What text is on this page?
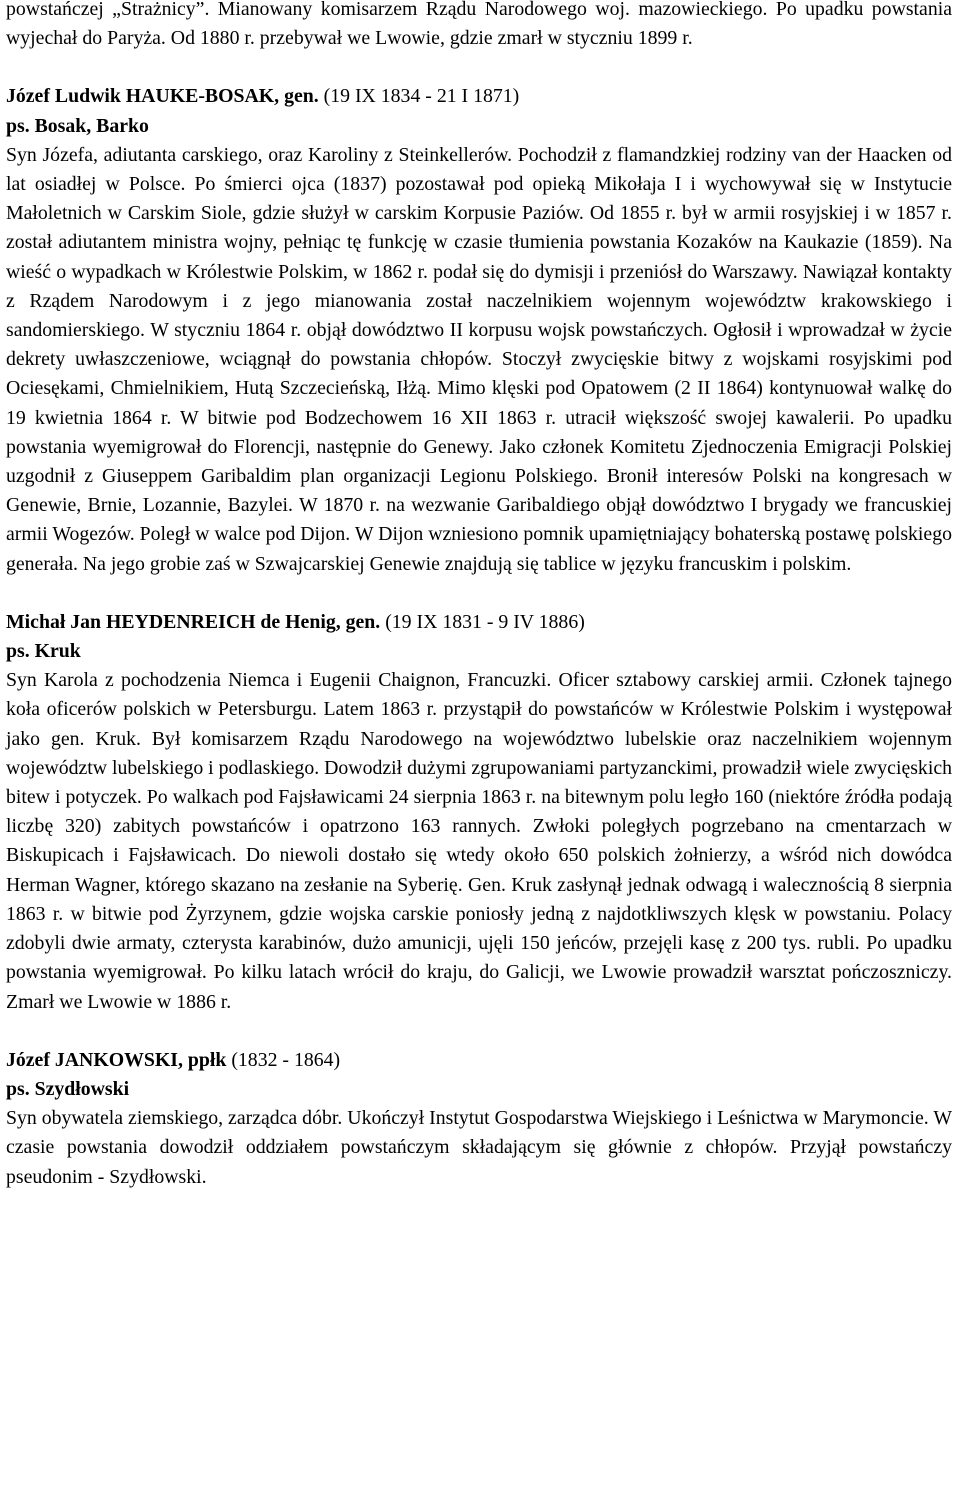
powstańczej „Strażnicy”. Mianowany komisarzem Rządu Narodowego woj. mazowieckiego. Po upadku powstania wyjechał do Paryża. Od 1880 r. przebywał we Lwowie, gdzie zmarł w styczniu 1899 r.

Józef Ludwik HAUKE-BOSAK, gen. (19 IX 1834 - 21 I 1871)

ps. Bosak, Barko

Syn Józefa, adiutanta carskiego, oraz Karoliny z Steinkellerów. Pochodził z flamandzkiej rodziny van der Haacken od lat osiadłej w Polsce. Po śmierci ojca (1837) pozostawał pod opieką Mikołaja I i wychowywał się w Instytucie Małoletnich w Carskim Siole, gdzie służył w carskim Korpusie Paziów. Od 1855 r. był w armii rosyjskiej i w 1857 r. został adiutantem ministra wojny, pełniąc tę funkcję w czasie tłumienia powstania Kozaków na Kaukazie (1859). Na wieść o wypadkach w Królestwie Polskim, w 1862 r. podał się do dymisji i przeniósł do Warszawy. Nawiązał kontakty z Rządem Narodowym i z jego mianowania został naczelnikiem wojennym województw krakowskiego i sandomierskiego. W styczniu 1864 r. objął dowództwo II korpusu wojsk powstańczych. Ogłosił i wprowadzał w życie dekrety uwłaszczeniowe, wciągnął do powstania chłopów. Stoczył zwycięskie bitwy z wojskami rosyjskimi pod Ociesękami, Chmielnikiem, Hutą Szczecieńską, Iłżą. Mimo klęski pod Opatowem (2 II 1864) kontynuował walkę do 19 kwietnia 1864 r. W bitwie pod Bodzechowem 16 XII 1863 r. utracił większość swojej kawalerii. Po upadku powstania wyemigrował do Florencji, następnie do Genewy. Jako członek Komitetu Zjednoczenia Emigracji Polskiej uzgodnił z Giuseppem Garibaldim plan organizacji Legionu Polskiego. Bronił interesów Polski na kongresach w Genewie, Brnie, Lozannie, Bazylei. W 1870 r. na wezwanie Garibaldiego objął dowództwo I brygady we francuskiej armii Wogezów. Poległ w walce pod Dijon. W Dijon wzniesiono pomnik upamiętniający bohaterską postawę polskiego generała. Na jego grobie zaś w Szwajcarskiej Genewie znajdują się tablice w języku francuskim i polskim.

Michał Jan HEYDENREICH de Henig, gen. (19 IX 1831 - 9 IV 1886)

ps. Kruk

Syn Karola z pochodzenia Niemca i Eugenii Chaignon, Francuzki. Oficer sztabowy carskiej armii. Członek tajnego koła oficerów polskich w Petersburgu. Latem 1863 r. przystąpił do powstańców w Królestwie Polskim i występował jako gen. Kruk. Był komisarzem Rządu Narodowego na województwo lubelskie oraz naczelnikiem wojennym województw lubelskiego i podlaskiego. Dowodził dużymi zgrupowaniami partyzanckimi, prowadził wiele zwycięskich bitew i potyczek. Po walkach pod Fajsławicami 24 sierpnia 1863 r. na bitewnym polu legło 160 (niektóre źródła podają liczbę 320) zabitych powstańców i opatrzono 163 rannych. Zwłoki poległych pogrzebano na cmentarzach w Biskupicach i Fajsławicach. Do niewoli dostało się wtedy około 650 polskich żołnierzy, a wśród nich dowódca Herman Wagner, którego skazano na zesłanie na Syberię. Gen. Kruk zasłynął jednak odwagą i walecznością 8 sierpnia 1863 r. w bitwie pod Żyrzynem, gdzie wojska carskie poniosły jedną z najdotkliwszych klęsk w powstaniu. Polacy zdobyli dwie armaty, czterysta karabinów, dużo amunicji, ujęli 150 jeńców, przejęli kasę z 200 tys. rubli. Po upadku powstania wyemigrował. Po kilku latach wrócił do kraju, do Galicji, we Lwowie prowadził warsztat pończoszniczy. Zmarł we Lwowie w 1886 r.

Józef JANKOWSKI, ppłk (1832 - 1864)

ps. Szydłowski

Syn obywatela ziemskiego, zarządca dóbr. Ukończył Instytut Gospodarstwa Wiejskiego i Leśnictwa w Marymoncie. W czasie powstania dowodził oddziałem powstańczym składającym się głównie z chłopów. Przyjął powstańczy pseudonim - Szydłowski.
